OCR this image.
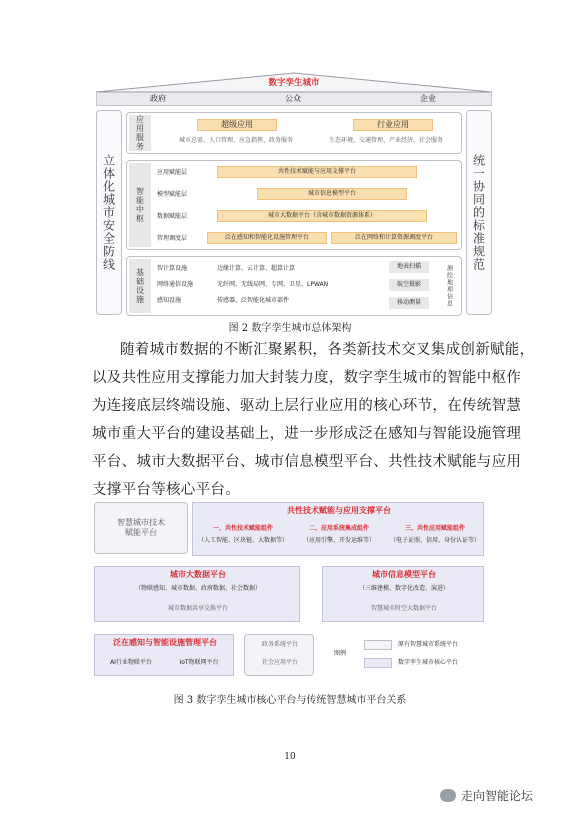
数字孪生城市
政府	公众	企业
立体化城市安全防线	统一协同的标准规范
应用服务	超级应用	行业应用
城市总需、人口管理、应急指挥、政务服务	生态环境、交通管理、产业经济、社会服务
智能中枢
应用赋能层
模型赋能层
数据赋能层
管理调度层
共性技术赋能与应用支撑平台
城市信息模型平台
城市大数据平台（含城市数据资源体系）
泛在感知和智能化设施管理平台	泛在网络和计算资源调度平台
基础设施 智计算设施
网络通信设施
感知设施
边缘计算、云计算、超算计算
光纤网、无线局网、专网、卫星、LPWAN
传感器、泛智能化城市部件
地表扫描
航空摄影
移动测量	测绘地理信息
图 2 数字孪生城市总体架构
随着城市数据的不断汇聚累积，各类新技术交叉集成创新赋能，
以及共性应用支撑能力加大封装力度，数字孪生城市的智能中枢作
为连接底层终端设施、驱动上层行业应用的核心环节，在传统智慧
城市重大平台的建设基础上，进一步形成泛在感知与智能设施管理
平台、城市大数据平台、城市信息模型平台、共性技术赋能与应用
支撑平台等核心平台。
智慧城市技术
赋能平台
共性技术赋能与应用支撑平台
一、共性技术赋能组件
（人工智能、区块链、大数据等）
二、应用系统集成组件
（应用引擎、开发运维等）
三、共性应用赋能组件
（电子证照、信用、身份认证等）
城市大数据平台
（物联感知、城市数据、政府数据、社会数据）
城市数据共享交换平台
城市信息模型平台
（三维建模、数字化改造、演进）
智慧城市时空大数据平台
泛在感知与智能设施管理平台
AI行业物联平台	IoT物联网平台
政务系统平台
社会应用平台
图例
原有智慧城市系统平台
数字孪生城市核心平台
图 3 数字孪生城市核心平台与传统智慧城市平台关系
10
走向智能论坛
